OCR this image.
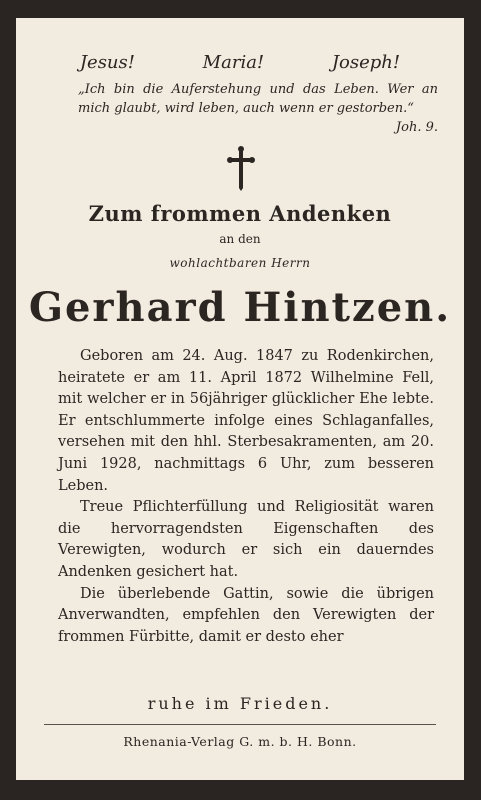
Jesus!	Maria!	Joseph!
„Ich bin die Auferstehung und das Leben. Wer an mich glaubt, wird leben, auch wenn er gestorben.“
Joh. 9.
Zum frommen Andenken
an den
wohlachtbaren Herrn
Gerhard Hintzen.

Geboren am 24. Aug. 1847 zu Rodenkirchen, heiratete er am 11. April 1872 Wilhelmine Fell, mit welcher er in 56jähriger glücklicher Ehe lebte. Er entschlummerte infolge eines Schlaganfalles, versehen mit den hhl. Sterbesakramenten, am 20. Juni 1928, nachmittags 6 Uhr, zum besseren Leben.

Treue Pflichterfüllung und Religiosität waren die hervorragendsten Eigenschaften des Verewigten, wodurch er sich ein dauerndes Andenken gesichert hat.

Die überlebende Gattin, sowie die übrigen Anverwandten, empfehlen den Verewigten der frommen Fürbitte, damit er desto eher

ruhe im Frieden.
Rhenania-Verlag G. m. b. H. Bonn.
